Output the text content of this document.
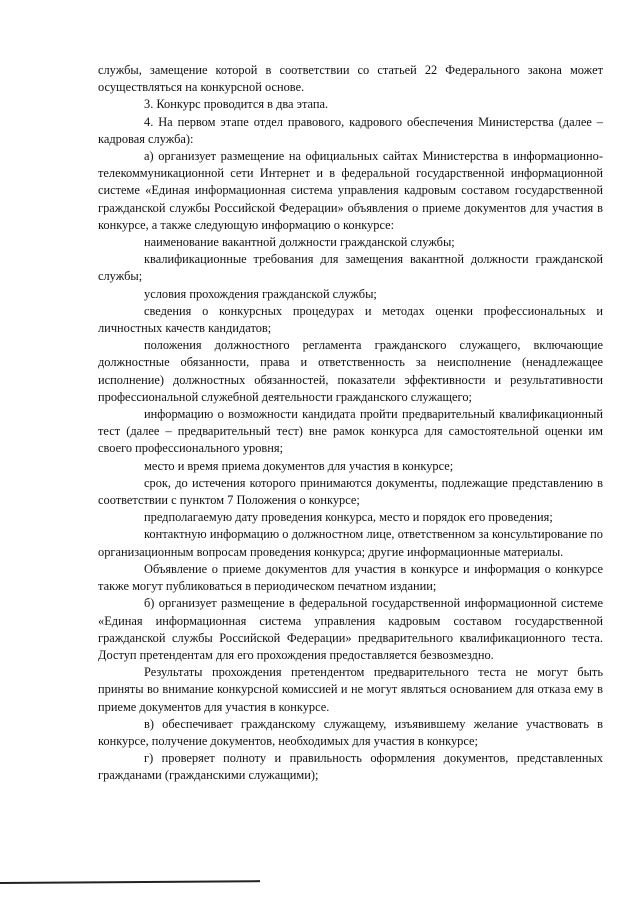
службы, замещение которой в соответствии со статьей 22 Федерального закона может осуществляться на конкурсной основе.

3. Конкурс проводится в два этапа.

4. На первом этапе отдел правового, кадрового обеспечения Министерства (далее – кадровая служба):

а) организует размещение на официальных сайтах Министерства в информационно-телекоммуникационной сети Интернет и в федеральной государственной информационной системе «Единая информационная система управления кадровым составом государственной гражданской службы Российской Федерации» объявления о приеме документов для участия в конкурсе, а также следующую информацию о конкурсе:

наименование вакантной должности гражданской службы;

квалификационные требования для замещения вакантной должности гражданской службы;

условия прохождения гражданской службы;

сведения о конкурсных процедурах и методах оценки профессиональных и личностных качеств кандидатов;

положения должностного регламента гражданского служащего, включающие должностные обязанности, права и ответственность за неисполнение (ненадлежащее исполнение) должностных обязанностей, показатели эффективности и результативности профессиональной служебной деятельности гражданского служащего;

информацию о возможности кандидата пройти предварительный квалификационный тест (далее – предварительный тест) вне рамок конкурса для самостоятельной оценки им своего профессионального уровня;

место и время приема документов для участия в конкурсе;

срок, до истечения которого принимаются документы, подлежащие представлению в соответствии с пунктом 7 Положения о конкурсе;

предполагаемую дату проведения конкурса, место и порядок его проведения;

контактную информацию о должностном лице, ответственном за консультирование по организационным вопросам проведения конкурса; другие информационные материалы.

Объявление о приеме документов для участия в конкурсе и информация о конкурсе также могут публиковаться в периодическом печатном издании;

б) организует размещение в федеральной государственной информационной системе «Единая информационная система управления кадровым составом государственной гражданской службы Российской Федерации» предварительного квалификационного теста. Доступ претендентам для его прохождения предоставляется безвозмездно.

Результаты прохождения претендентом предварительного теста не могут быть приняты во внимание конкурсной комиссией и не могут являться основанием для отказа ему в приеме документов для участия в конкурсе.

в) обеспечивает гражданскому служащему, изъявившему желание участвовать в конкурсе, получение документов, необходимых для участия в конкурсе;

г) проверяет полноту и правильность оформления документов, представленных гражданами (гражданскими служащими);
